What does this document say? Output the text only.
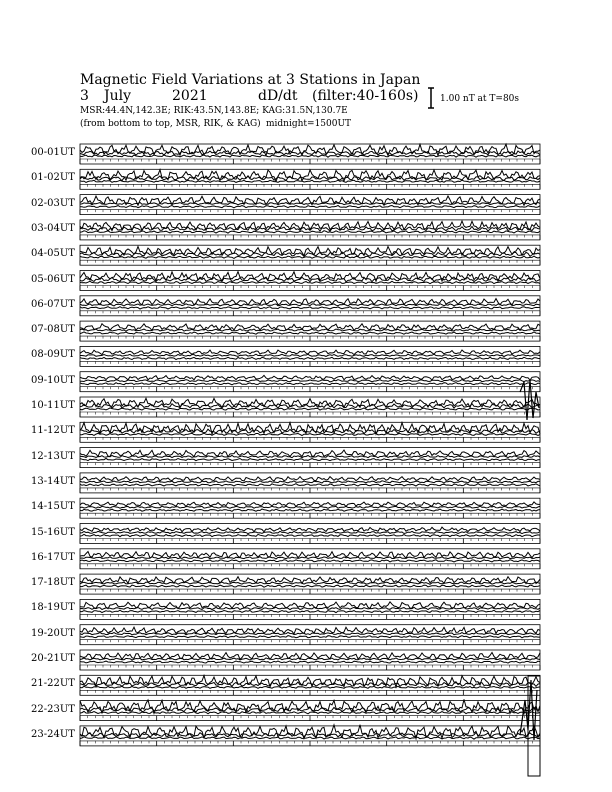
Magnetic Field Variations at 3 Stations in Japan
3 July	2021	dD/dt (filter:40-160s)
MSR:44.4N,142.3E; RIK:43.5N,143.8E; KAG:31.5N,130.7E
(from bottom to top, MSR, RIK, & KAG) midnight=1500UT
1.00 nT at T=80s
00-01UT
01-02UT
02-03UT
03-04UT
04-05UT
05-06UT
06-07UT
07-08UT
08-09UT
09-10UT
10-11UT
11-12UT
12-13UT
13-14UT
14-15UT
15-16UT
16-17UT
17-18UT
18-19UT
19-20UT
20-21UT
21-22UT
22-23UT
23-24UT
